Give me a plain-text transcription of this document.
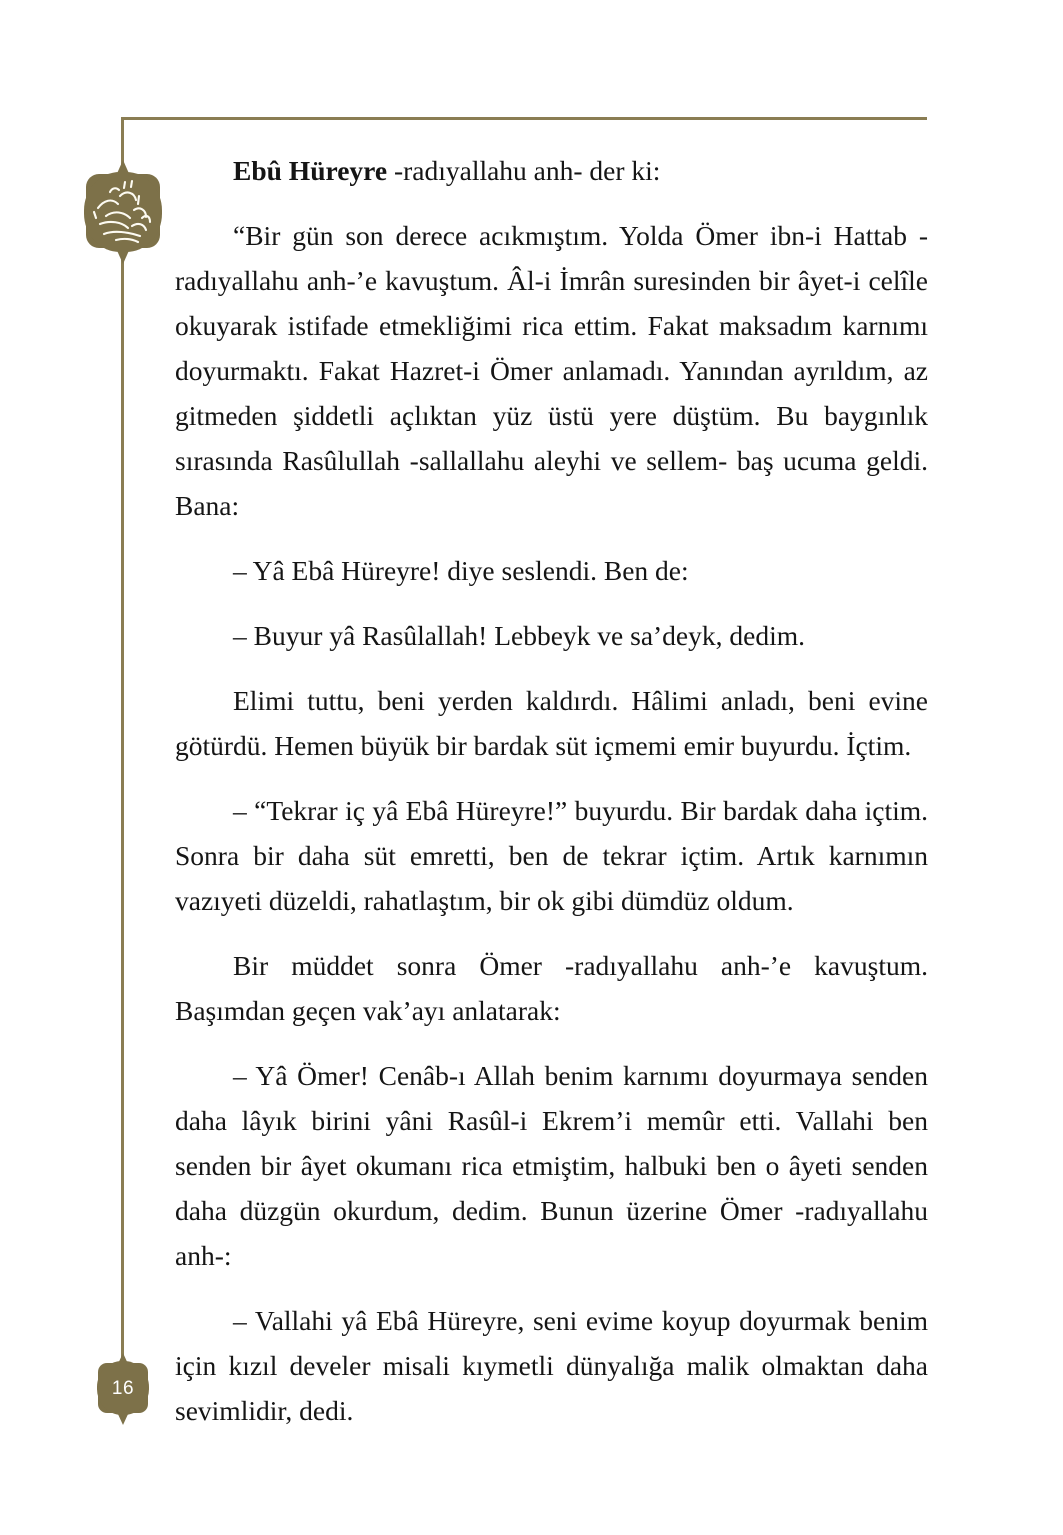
16

Ebû Hüreyre -radıyallahu anh- der ki:

“Bir gün son derece acıkmıştım. Yolda Ömer ibn-i Hattab -radıyallahu anh-’e kavuştum. Âl-i İmrân suresinden bir âyet-i celîle okuyarak istifade etmekliğimi rica ettim. Fakat maksadım karnımı doyurmaktı. Fakat Hazret-i Ömer anlamadı. Yanından ayrıldım, az gitmeden şiddetli açlıktan yüz üstü yere düştüm. Bu baygınlık sırasında Rasûlullah -sallallahu aleyhi ve sellem- baş ucuma geldi. Bana:

– Yâ Ebâ Hüreyre! diye seslendi. Ben de:

– Buyur yâ Rasûlallah! Lebbeyk ve sa’deyk, dedim.

Elimi tuttu, beni yerden kaldırdı. Hâlimi anladı, beni evine götürdü. Hemen büyük bir bardak süt içmemi emir buyurdu. İçtim.

– “Tekrar iç yâ Ebâ Hüreyre!” buyurdu. Bir bardak daha içtim. Sonra bir daha süt emretti, ben de tekrar içtim. Artık karnımın vazıyeti düzeldi, rahatlaştım, bir ok gibi dümdüz oldum.

Bir müddet sonra Ömer -radıyallahu anh-’e kavuştum. Başımdan geçen vak’ayı anlatarak:

– Yâ Ömer! Cenâb-ı Allah benim karnımı doyurmaya senden daha lâyık birini yâni Rasûl-i Ekrem’i memûr etti. Vallahi ben senden bir âyet okumanı rica etmiştim, halbuki ben o âyeti senden daha düzgün okurdum, dedim. Bunun üzerine Ömer -radıyallahu anh-:

– Vallahi yâ Ebâ Hüreyre, seni evime koyup doyurmak benim için kızıl develer misali kıymetli dünyalığa malik olmaktan daha sevimlidir, dedi.
